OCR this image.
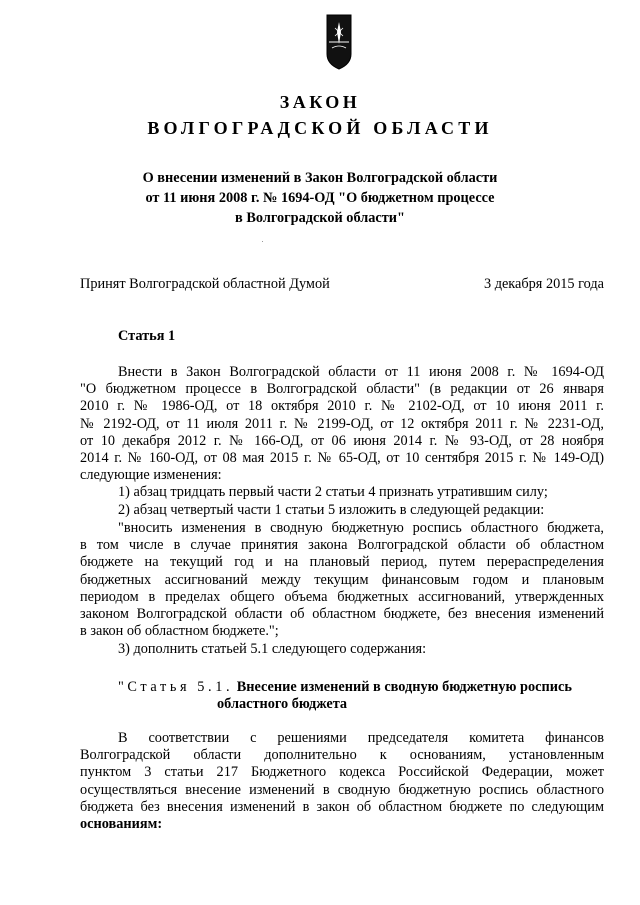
ЗАКОН
ВОЛГОГРАДСКОЙ ОБЛАСТИ
О внесении изменений в Закон Волгоградской области
от 11 июня 2008 г. № 1694-ОД "О бюджетном процессе
в Волгоградской области"
Принят Волгоградской областной Думой	3 декабря 2015 года
Статья 1
Внести в Закон Волгоградской области от 11 июня 2008 г. № 1694-ОД
"О бюджетном процессе в Волгоградской области" (в редакции от 26 января
2010 г. № 1986-ОД, от 18 октября 2010 г. № 2102-ОД, от 10 июня 2011 г.
№ 2192-ОД, от 11 июля 2011 г. № 2199-ОД, от 12 октября 2011 г. № 2231-ОД,
от 10 декабря 2012 г. № 166-ОД, от 06 июня 2014 г. № 93-ОД, от 28 ноября
2014 г. № 160-ОД, от 08 мая 2015 г. № 65-ОД, от 10 сентября 2015 г. № 149-ОД)
следующие изменения:
1) абзац тридцать первый части 2 статьи 4 признать утратившим силу;
2) абзац четвертый части 1 статьи 5 изложить в следующей редакции:
"вносить изменения в сводную бюджетную роспись областного бюджета,
в том числе в случае принятия закона Волгоградской области об областном
бюджете на текущий год и на плановый период, путем перераспределения
бюджетных ассигнований между текущим финансовым годом и плановым
периодом в пределах общего объема бюджетных ассигнований, утвержденных
законом Волгоградской области об областном бюджете, без внесения изменений
в закон об областном бюджете.";
3) дополнить статьей 5.1 следующего содержания:
"Статья 5.1. Внесение изменений в сводную бюджетную роспись
областного бюджета
В соответствии с решениями председателя комитета финансов
Волгоградской области дополнительно к основаниям, установленным
пунктом 3 статьи 217 Бюджетного кодекса Российской Федерации, может
осуществляться внесение изменений в сводную бюджетную роспись областного
бюджета без внесения изменений в закон об областном бюджете по следующим
основаниям:
